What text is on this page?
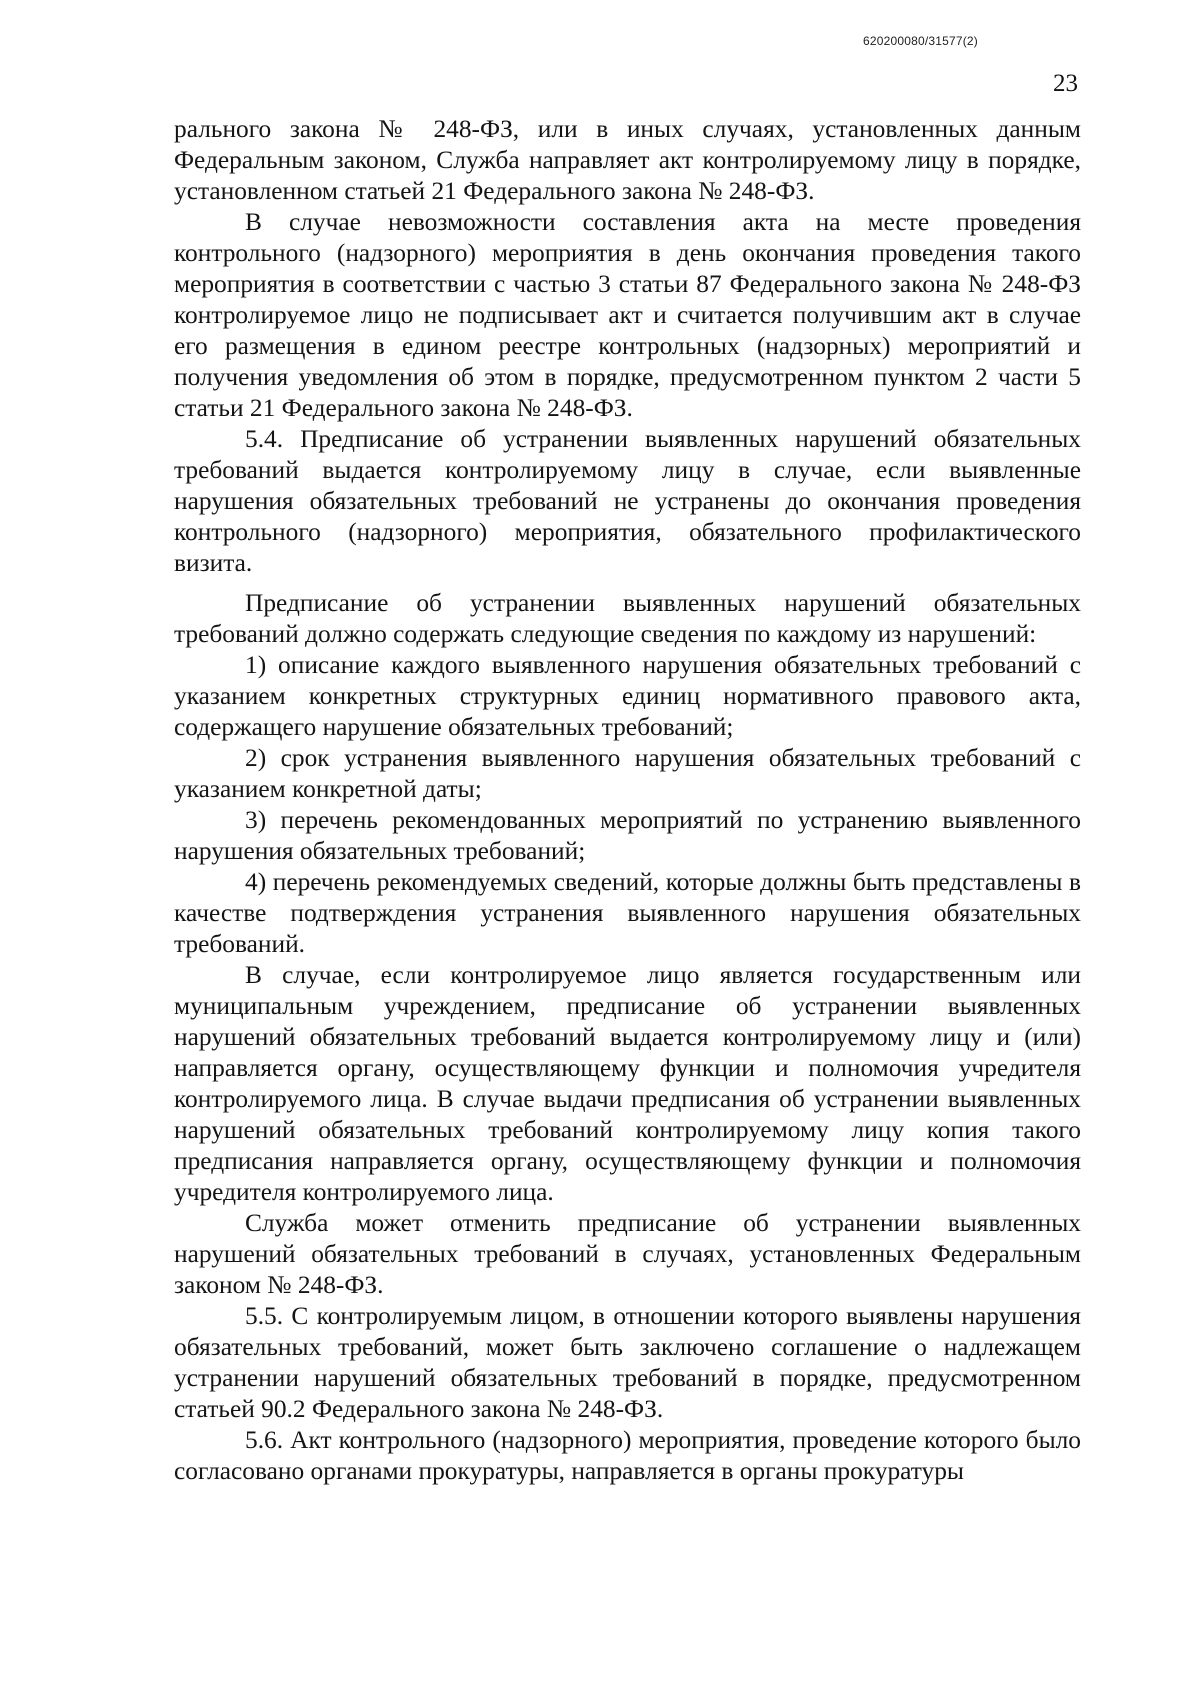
620200080/31577(2)
23

рального закона № 248-ФЗ, или в иных случаях, установленных данным Федеральным законом, Служба направляет акт контролируемому лицу в порядке, установленном статьей 21 Федерального закона № 248-ФЗ.

В случае невозможности составления акта на месте проведения контрольного (надзорного) мероприятия в день окончания проведения такого мероприятия в соответствии с частью 3 статьи 87 Федерального закона № 248-ФЗ контролируемое лицо не подписывает акт и считается получившим акт в случае его размещения в едином реестре контрольных (надзорных) мероприятий и получения уведомления об этом в порядке, предусмотренном пунктом 2 части 5 статьи 21 Федерального закона № 248-ФЗ.

5.4. Предписание об устранении выявленных нарушений обязательных требований выдается контролируемому лицу в случае, если выявленные нарушения обязательных требований не устранены до окончания проведения контрольного (надзорного) мероприятия, обязательного профилактического визита.

Предписание об устранении выявленных нарушений обязательных требований должно содержать следующие сведения по каждому из нарушений:

1) описание каждого выявленного нарушения обязательных требований с указанием конкретных структурных единиц нормативного правового акта, содержащего нарушение обязательных требований;

2) срок устранения выявленного нарушения обязательных требований с указанием конкретной даты;

3) перечень рекомендованных мероприятий по устранению выявленного нарушения обязательных требований;

4) перечень рекомендуемых сведений, которые должны быть представлены в качестве подтверждения устранения выявленного нарушения обязательных требований.

В случае, если контролируемое лицо является государственным или муниципальным учреждением, предписание об устранении выявленных нарушений обязательных требований выдается контролируемому лицу и (или) направляется органу, осуществляющему функции и полномочия учредителя контролируемого лица. В случае выдачи предписания об устранении выявленных нарушений обязательных требований контролируемому лицу копия такого предписания направляется органу, осуществляющему функции и полномочия учредителя контролируемого лица.

Служба может отменить предписание об устранении выявленных нарушений обязательных требований в случаях, установленных Федеральным законом № 248-ФЗ.

5.5. С контролируемым лицом, в отношении которого выявлены нарушения обязательных требований, может быть заключено соглашение о надлежащем устранении нарушений обязательных требований в порядке, предусмотренном статьей 90.2 Федерального закона № 248-ФЗ.

5.6. Акт контрольного (надзорного) мероприятия, проведение которого было согласовано органами прокуратуры, направляется в органы прокуратуры
